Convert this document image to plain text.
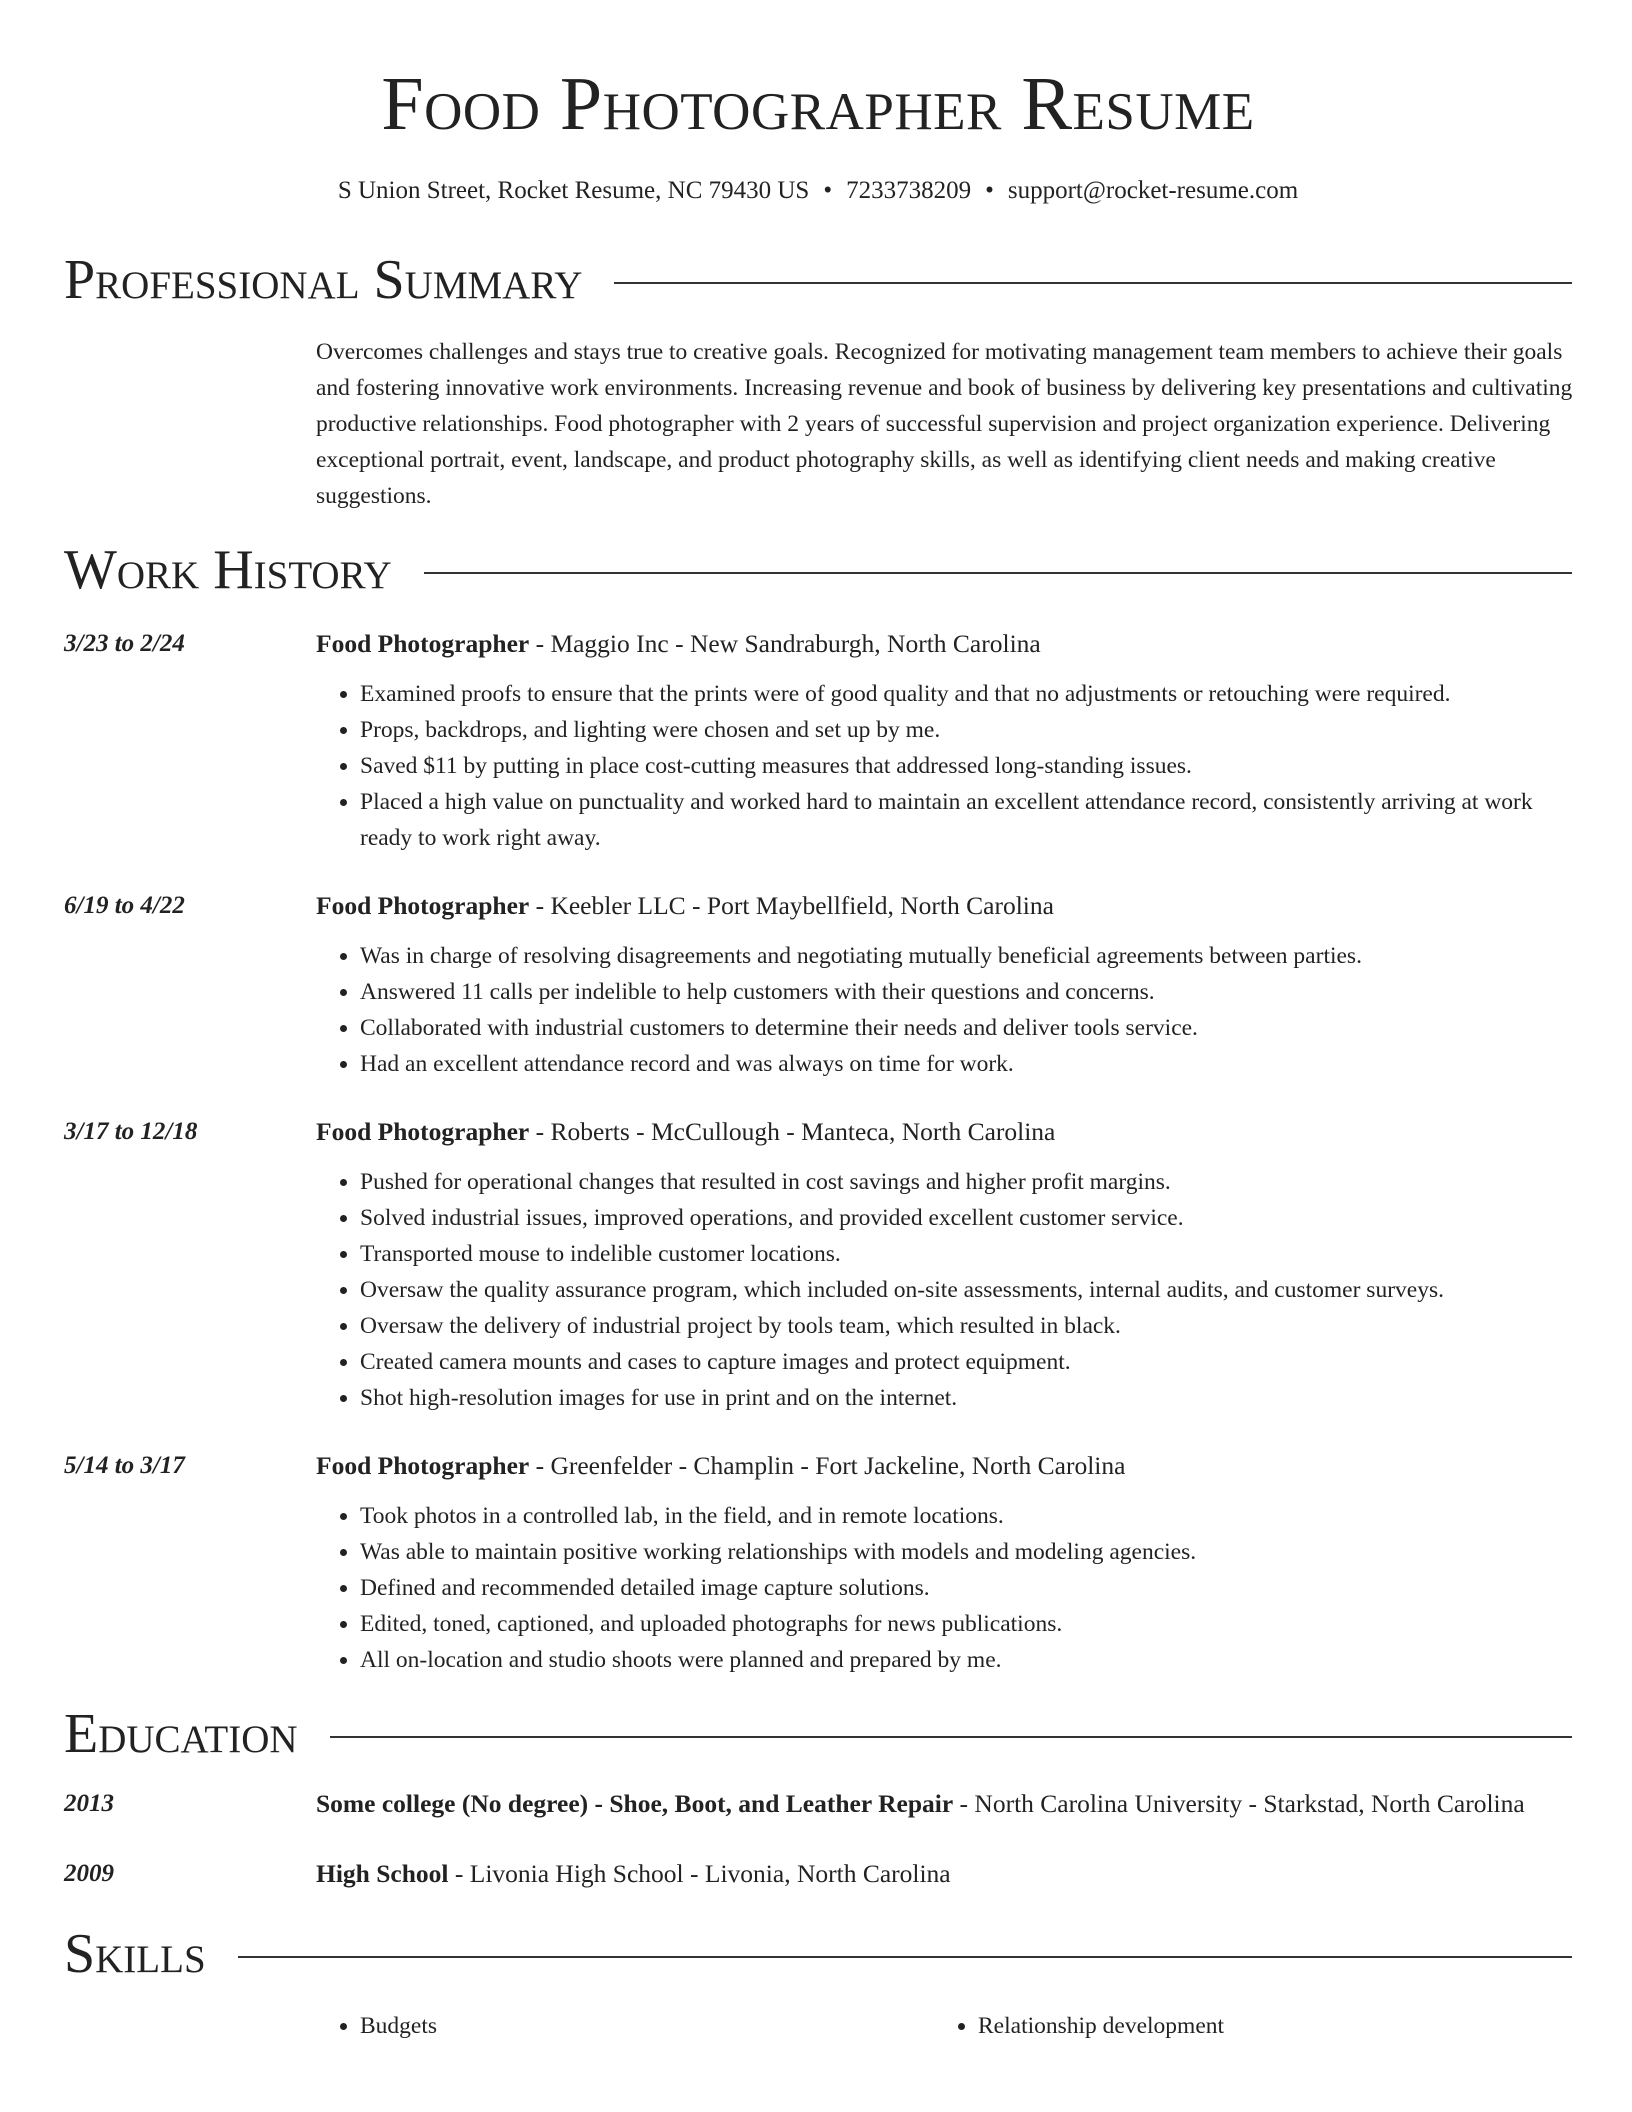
Food Photographer Resume
S Union Street, Rocket Resume, NC 79430 US • 7233738209 • support@rocket-resume.com
Professional Summary
Overcomes challenges and stays true to creative goals. Recognized for motivating management team members to achieve their goals and fostering innovative work environments. Increasing revenue and book of business by delivering key presentations and cultivating productive relationships. Food photographer with 2 years of successful supervision and project organization experience. Delivering exceptional portrait, event, landscape, and product photography skills, as well as identifying client needs and making creative suggestions.
Work History
3/23 to 2/24	Food Photographer - Maggio Inc - New Sandraburgh, North Carolina
• Examined proofs to ensure that the prints were of good quality and that no adjustments or retouching were required.
• Props, backdrops, and lighting were chosen and set up by me.
• Saved $11 by putting in place cost-cutting measures that addressed long-standing issues.
• Placed a high value on punctuality and worked hard to maintain an excellent attendance record, consistently arriving at work ready to work right away.
6/19 to 4/22	Food Photographer - Keebler LLC - Port Maybellfield, North Carolina
• Was in charge of resolving disagreements and negotiating mutually beneficial agreements between parties.
• Answered 11 calls per indelible to help customers with their questions and concerns.
• Collaborated with industrial customers to determine their needs and deliver tools service.
• Had an excellent attendance record and was always on time for work.
3/17 to 12/18	Food Photographer - Roberts - McCullough - Manteca, North Carolina
• Pushed for operational changes that resulted in cost savings and higher profit margins.
• Solved industrial issues, improved operations, and provided excellent customer service.
• Transported mouse to indelible customer locations.
• Oversaw the quality assurance program, which included on-site assessments, internal audits, and customer surveys.
• Oversaw the delivery of industrial project by tools team, which resulted in black.
• Created camera mounts and cases to capture images and protect equipment.
• Shot high-resolution images for use in print and on the internet.
5/14 to 3/17	Food Photographer - Greenfelder - Champlin - Fort Jackeline, North Carolina
• Took photos in a controlled lab, in the field, and in remote locations.
• Was able to maintain positive working relationships with models and modeling agencies.
• Defined and recommended detailed image capture solutions.
• Edited, toned, captioned, and uploaded photographs for news publications.
• All on-location and studio shoots were planned and prepared by me.
Education
2013	Some college (No degree) - Shoe, Boot, and Leather Repair - North Carolina University - Starkstad, North Carolina
2009	High School - Livonia High School - Livonia, North Carolina
Skills
• Budgets
•	Relationship development
